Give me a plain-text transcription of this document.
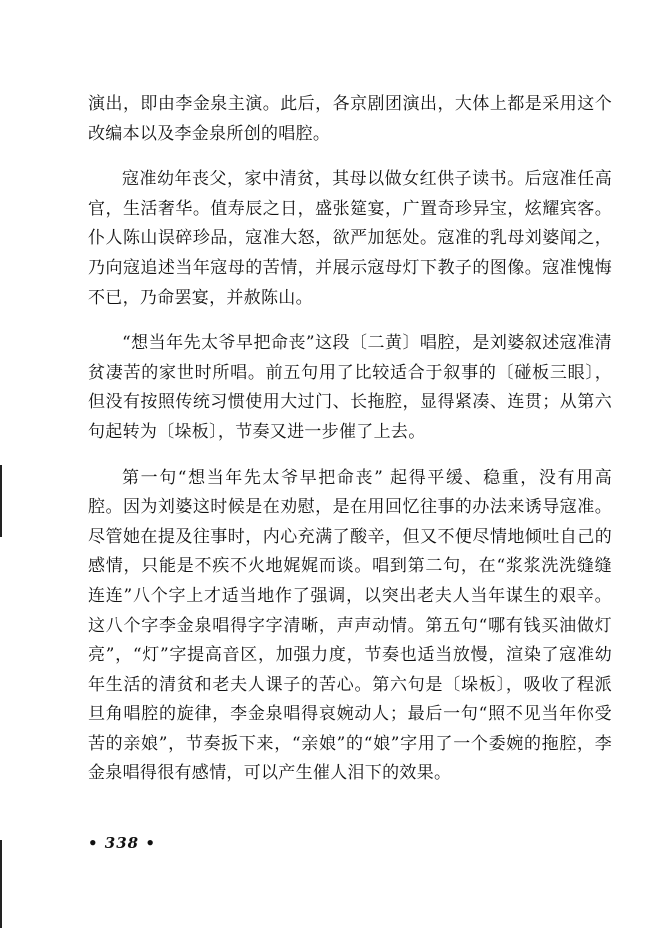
演出，即由李金泉主演。此后，各京剧团演出，大体上都是采用这个改编本以及李金泉所创的唱腔。

寇准幼年丧父，家中清贫，其母以做女红供子读书。后寇准任高官，生活奢华。值寿辰之日，盛张筵宴，广置奇珍异宝，炫耀宾客。仆人陈山误碎珍品，寇准大怒，欲严加惩处。寇准的乳母刘婆闻之，乃向寇追述当年寇母的苦情，并展示寇母灯下教子的图像。寇准愧悔不已，乃命罢宴，并赦陈山。

“想当年先太爷早把命丧”这段〔二黄〕唱腔，是刘婆叙述寇准清贫凄苦的家世时所唱。前五句用了比较适合于叙事的〔碰板三眼〕，但没有按照传统习惯使用大过门、长拖腔，显得紧凑、连贯；从第六句起转为〔垛板〕，节奏又进一步催了上去。

第一句“想当年先太爷早把命丧” 起得平缓、稳重，没有用高腔。因为刘婆这时候是在劝慰，是在用回忆往事的办法来诱导寇准。尽管她在提及往事时，内心充满了酸辛，但又不便尽情地倾吐自己的感情，只能是不疾不火地娓娓而谈。唱到第二句，在“浆浆洗洗缝缝连连”八个字上才适当地作了强调，以突出老夫人当年谋生的艰辛。这八个字李金泉唱得字字清晰，声声动情。第五句“哪有钱买油做灯亮”，“灯”字提高音区，加强力度，节奏也适当放慢，渲染了寇准幼年生活的清贫和老夫人课子的苦心。第六句是〔垛板〕，吸收了程派旦角唱腔的旋律，李金泉唱得哀婉动人；最后一句“照不见当年你受苦的亲娘”，节奏扳下来，“亲娘”的“娘”字用了一个委婉的拖腔，李金泉唱得很有感情，可以产生催人泪下的效果。

• 338 •
